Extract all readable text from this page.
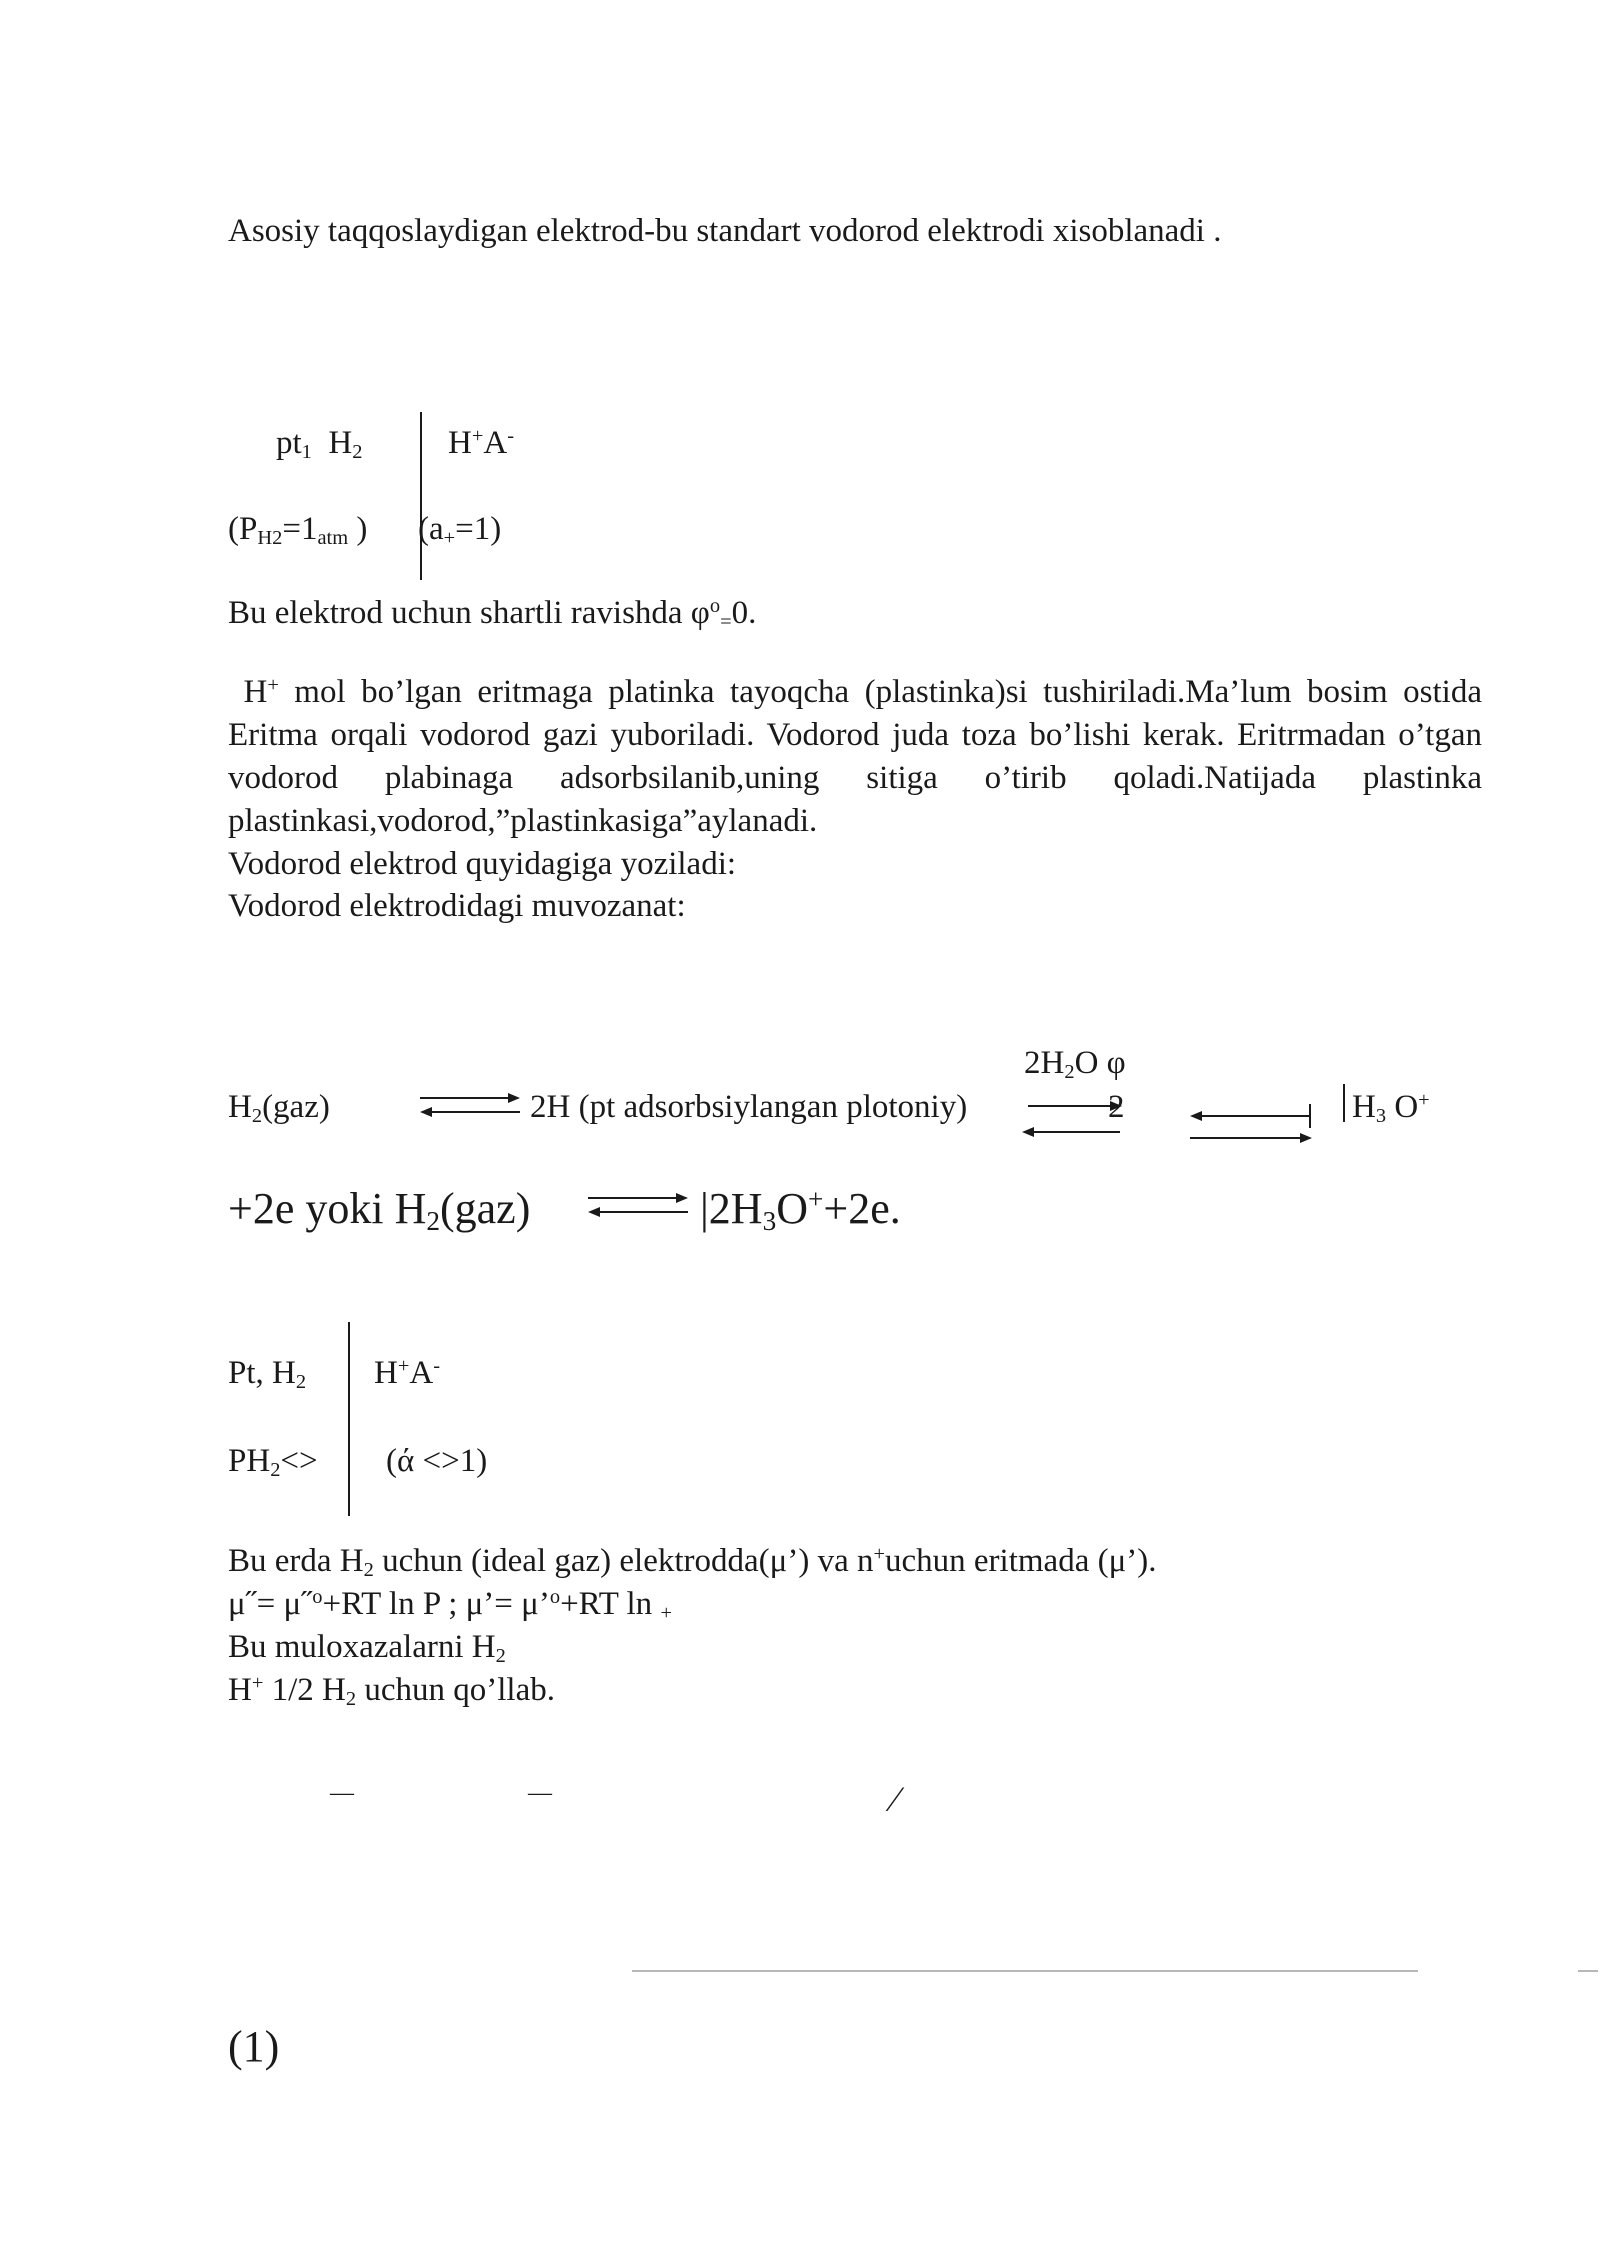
Asosiy taqqoslaydigan elektrod-bu standart vodorod elektrodi xisoblanadi .
$pt_1$ $H_2$	H+A-
($P_{H2}=1_{atm}$ ) $(a_+=1)$
Bu elektrod uchun shartli ravishda $\varphi^o_=0$.

H+ mol bo’lgan eritmaga platinka tayoqcha (plastinka)si tushiriladi.Ma’lum bosim ostida Eritma orqali vodorod gazi yuboriladi. Vodorod juda toza bo’lishi kerak. Eritrmadan o’tgan vodorod plabinaga adsorbsilanib,uning sitiga o’tirib qoladi.Natijada plastinka plastinkasi,vodorod,”plastinkasiga”aylanadi.

Vodorod elektrod quyidagiga yoziladi:

Vodorod elektrodidagi muvozanat:

$2H_2O$ φ
$H_2(gaz)$	⇌ 2H (pt adsorbsiylangan plotoniy)	2 ⇌ $H_3$ O+
+2e yoki $H_2(gaz)$ ⇌ $|2H_3O^++2e$.
Pt, $H_2$ H+A-
$PH_2<> (ά <>1)$
Bu erda $H_2$ uchun (ideal gaz) elektrodda(μ’) va n+uchun eritmada (μ’).
μ˝= μ˝$^o$+RT ln P ; μ’= μ’$^o$+RT ln $_+$
Bu muloxazalarni $H_2$
H+ 1/2 $H_2$ uchun qo’llab.
—	—	⁄
(1)
